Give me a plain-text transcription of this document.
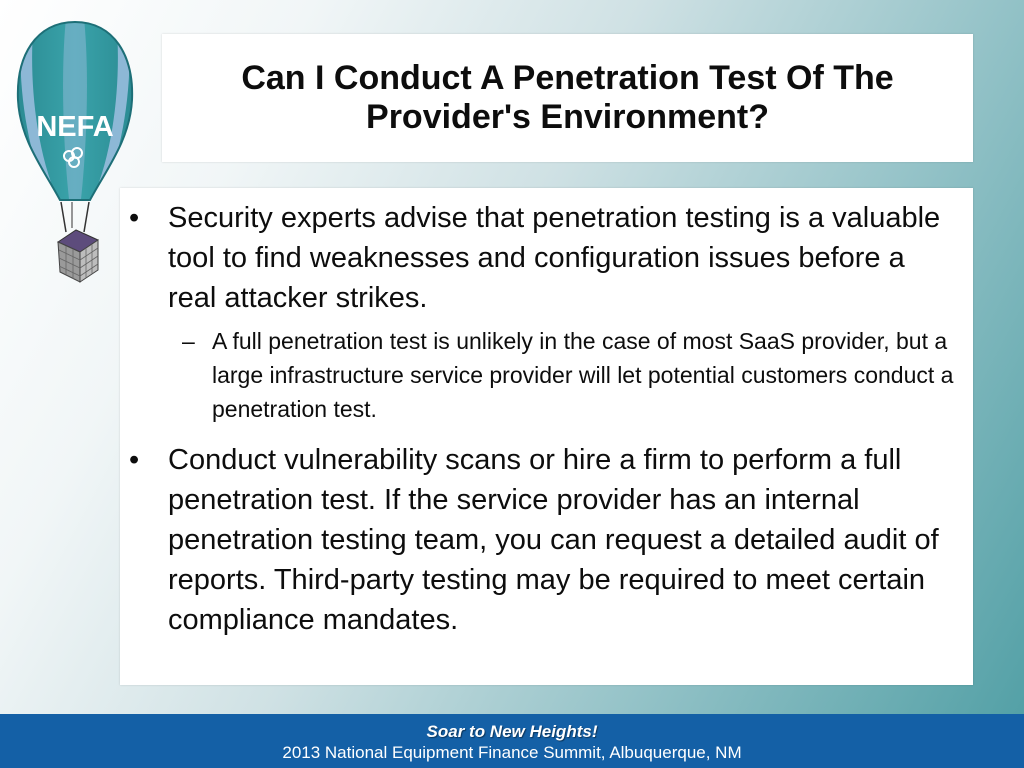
NEFA
Can I Conduct A Penetration Test Of The Provider's Environment?
• Security experts advise that penetration testing is a valuable tool to find weaknesses and configuration issues before a real attacker strikes.
– A full penetration test is unlikely in the case of most SaaS provider, but a large infrastructure service provider will let potential customers conduct a penetration test.
• Conduct vulnerability scans or hire a firm to perform a full penetration test. If the service provider has an internal penetration testing team, you can request a detailed audit of reports. Third-party testing may be required to meet certain compliance mandates.
Soar to New Heights!
2013 National Equipment Finance Summit, Albuquerque, NM
